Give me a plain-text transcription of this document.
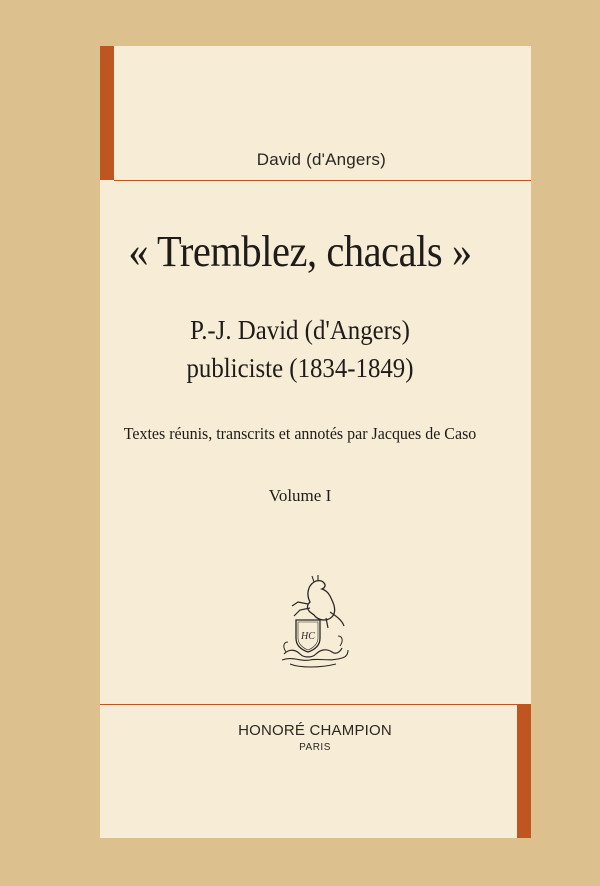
David (d'Angers)
« Tremblez, chacals »
P.-J. David (d'Angers)
publiciste (1834-1849)
Textes réunis, transcrits et annotés par Jacques de Caso
Volume I
HC
HONORÉ CHAMPION
PARIS
